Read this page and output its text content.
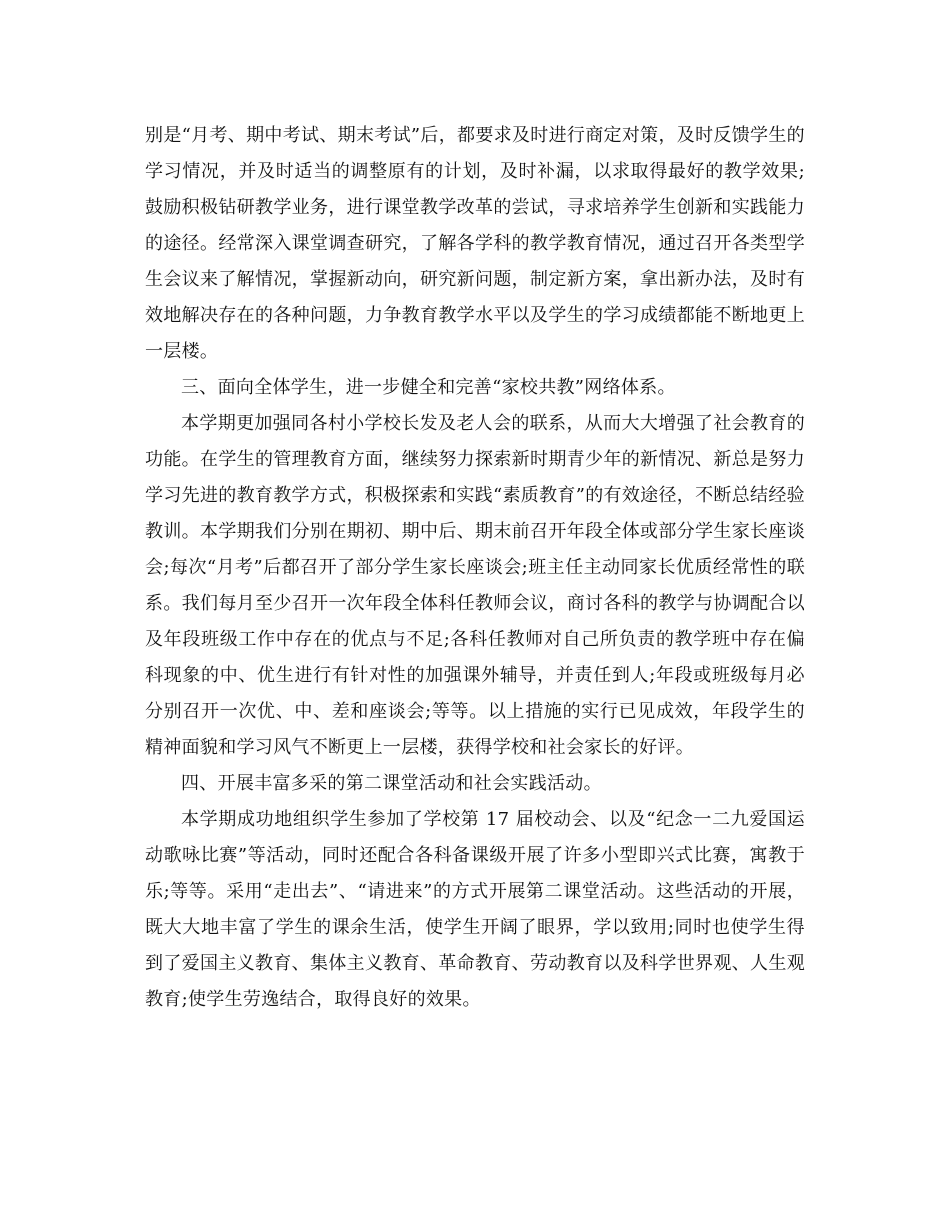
别是“月考、期中考试、期末考试”后，都要求及时进行商定对策，及时反馈学生的学习情况，并及时适当的调整原有的计划，及时补漏，以求取得最好的教学效果;鼓励积极钻研教学业务，进行课堂教学改革的尝试，寻求培养学生创新和实践能力的途径。经常深入课堂调查研究，了解各学科的教学教育情况，通过召开各类型学生会议来了解情况，掌握新动向，研究新问题，制定新方案，拿出新办法，及时有效地解决存在的各种问题，力争教育教学水平以及学生的学习成绩都能不断地更上一层楼。

三、面向全体学生，进一步健全和完善“家校共教”网络体系。

本学期更加强同各村小学校长发及老人会的联系，从而大大增强了社会教育的功能。在学生的管理教育方面，继续努力探索新时期青少年的新情况、新总是努力学习先进的教育教学方式，积极探索和实践“素质教育”的有效途径，不断总结经验教训。本学期我们分别在期初、期中后、期末前召开年段全体或部分学生家长座谈会;每次“月考”后都召开了部分学生家长座谈会;班主任主动同家长优质经常性的联系。我们每月至少召开一次年段全体科任教师会议，商讨各科的教学与协调配合以及年段班级工作中存在的优点与不足;各科任教师对自己所负责的教学班中存在偏科现象的中、优生进行有针对性的加强课外辅导，并责任到人;年段或班级每月必分别召开一次优、中、差和座谈会;等等。以上措施的实行已见成效，年段学生的精神面貌和学习风气不断更上一层楼，获得学校和社会家长的好评。

四、开展丰富多采的第二课堂活动和社会实践活动。

本学期成功地组织学生参加了学校第 17 届校动会、以及“纪念一二九爱国运动歌咏比赛”等活动，同时还配合各科备课级开展了许多小型即兴式比赛，寓教于乐;等等。采用“走出去”、“请进来”的方式开展第二课堂活动。这些活动的开展，既大大地丰富了学生的课余生活，使学生开阔了眼界，学以致用;同时也使学生得到了爱国主义教育、集体主义教育、革命教育、劳动教育以及科学世界观、人生观教育;使学生劳逸结合，取得良好的效果。
